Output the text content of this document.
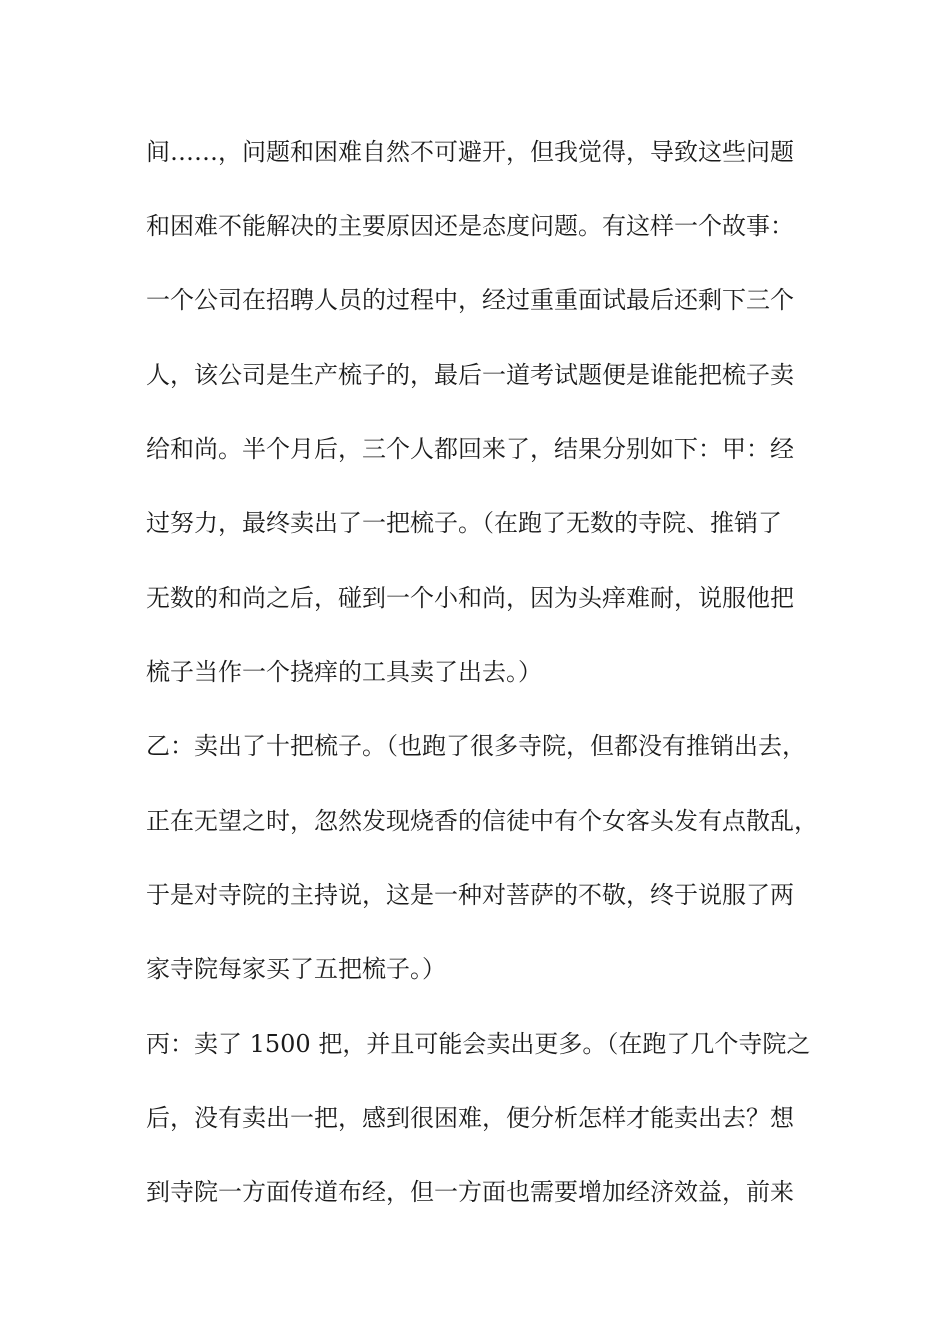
间……，问题和困难自然不可避开，但我觉得，导致这些问题
和困难不能解决的主要原因还是态度问题。有这样一个故事：
一个公司在招聘人员的过程中，经过重重面试最后还剩下三个
人，该公司是生产梳子的，最后一道考试题便是谁能把梳子卖
给和尚。半个月后，三个人都回来了，结果分别如下：甲：经
过努力，最终卖出了一把梳子。（在跑了无数的寺院、推销了
无数的和尚之后，碰到一个小和尚，因为头痒难耐，说服他把
梳子当作一个挠痒的工具卖了出去。）
乙：卖出了十把梳子。（也跑了很多寺院，但都没有推销出去，
正在无望之时，忽然发现烧香的信徒中有个女客头发有点散乱，
于是对寺院的主持说，这是一种对菩萨的不敬，终于说服了两
家寺院每家买了五把梳子。）
丙：卖了 1500 把，并且可能会卖出更多。（在跑了几个寺院之
后，没有卖出一把，感到很困难，便分析怎样才能卖出去？想
到寺院一方面传道布经，但一方面也需要增加经济效益，前来
